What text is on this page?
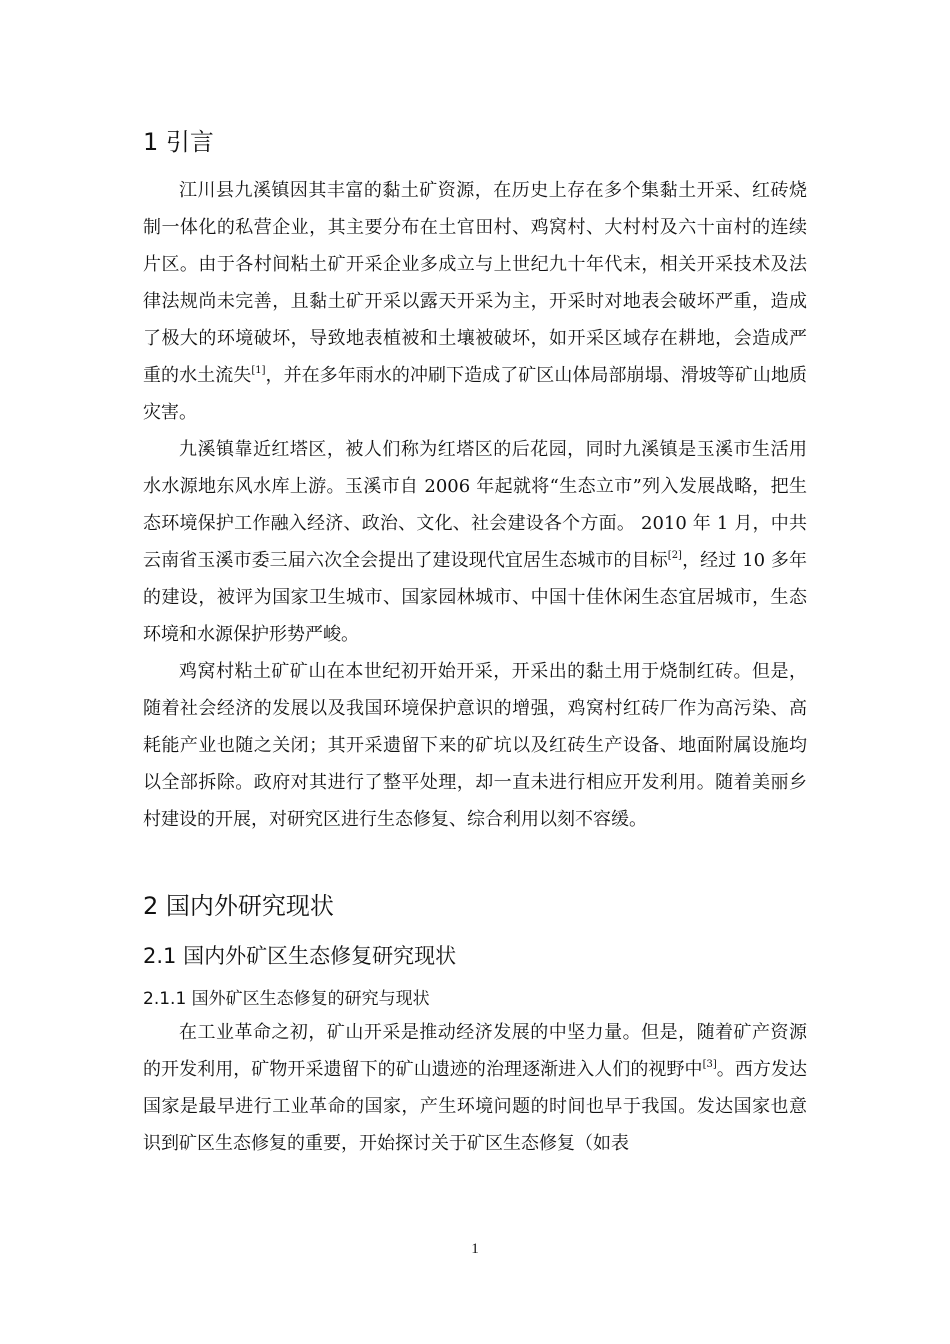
1 引言

江川县九溪镇因其丰富的黏土矿资源，在历史上存在多个集黏土开采、红砖烧制一体化的私营企业，其主要分布在土官田村、鸡窝村、大村村及六十亩村的连续片区。由于各村间粘土矿开采企业多成立与上世纪九十年代末，相关开采技术及法律法规尚未完善，且黏土矿开采以露天开采为主，开采时对地表会破坏严重，造成了极大的环境破坏，导致地表植被和土壤被破坏，如开采区域存在耕地，会造成严重的水土流失[1]，并在多年雨水的冲刷下造成了矿区山体局部崩塌、滑坡等矿山地质灾害。

九溪镇靠近红塔区，被人们称为红塔区的后花园，同时九溪镇是玉溪市生活用水水源地东风水库上游。玉溪市自 2006 年起就将“生态立市”列入发展战略，把生态环境保护工作融入经济、政治、文化、社会建设各个方面。 2010 年 1 月，中共云南省玉溪市委三届六次全会提出了建设现代宜居生态城市的目标[2]，经过 10 多年的建设，被评为国家卫生城市、国家园林城市、中国十佳休闲生态宜居城市，生态环境和水源保护形势严峻。

鸡窝村粘土矿矿山在本世纪初开始开采，开采出的黏土用于烧制红砖。但是，随着社会经济的发展以及我国环境保护意识的增强，鸡窝村红砖厂作为高污染、高耗能产业也随之关闭；其开采遗留下来的矿坑以及红砖生产设备、地面附属设施均以全部拆除。政府对其进行了整平处理，却一直未进行相应开发利用。随着美丽乡村建设的开展，对研究区进行生态修复、综合利用以刻不容缓。

2 国内外研究现状
2.1 国内外矿区生态修复研究现状
2.1.1 国外矿区生态修复的研究与现状

在工业革命之初，矿山开采是推动经济发展的中坚力量。但是，随着矿产资源的开发利用，矿物开采遗留下的矿山遗迹的治理逐渐进入人们的视野中[3]。西方发达国家是最早进行工业革命的国家，产生环境问题的时间也早于我国。发达国家也意识到矿区生态修复的重要，开始探讨关于矿区生态修复（如表

1
